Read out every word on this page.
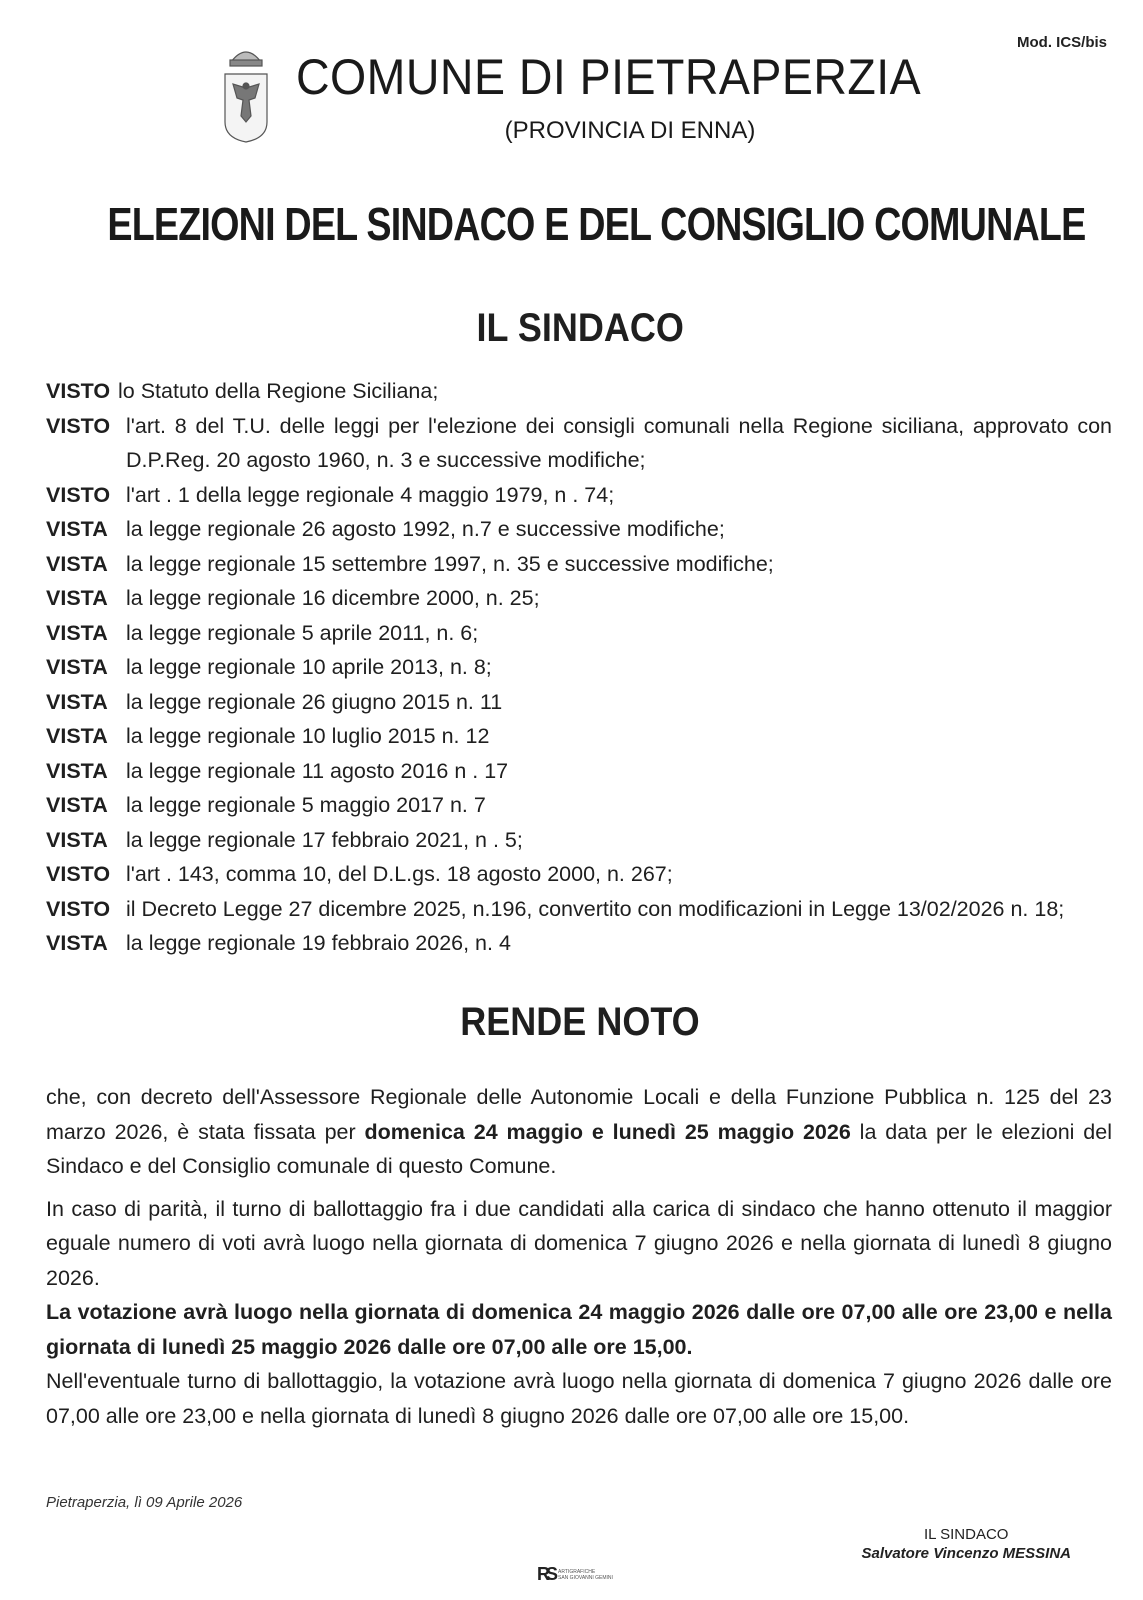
Mod. ICS/bis
COMUNE DI PIETRAPERZIA
(PROVINCIA DI ENNA)
ELEZIONI DEL SINDACO E DEL CONSIGLIO COMUNALE
IL SINDACO
VISTO lo Statuto della Regione Siciliana;
VISTO l'art. 8 del T.U. delle leggi per l'elezione dei consigli comunali nella Regione siciliana, approvato con D.P.Reg. 20 agosto 1960, n. 3 e successive modifiche;
VISTO l'art . 1 della legge regionale 4 maggio 1979, n . 74;
VISTA la legge regionale 26 agosto 1992, n.7 e successive modifiche;
VISTA la legge regionale 15 settembre 1997, n. 35 e successive modifiche;
VISTA la legge regionale 16 dicembre 2000, n. 25;
VISTA la legge regionale 5 aprile 2011, n. 6;
VISTA la legge regionale 10 aprile 2013, n. 8;
VISTA la legge regionale 26 giugno 2015 n. 11
VISTA la legge regionale 10 luglio 2015 n. 12
VISTA la legge regionale 11 agosto 2016 n . 17
VISTA la legge regionale 5 maggio 2017 n. 7
VISTA la legge regionale 17 febbraio 2021, n . 5;
VISTO l'art . 143, comma 10, del D.L.gs. 18 agosto 2000, n. 267;
VISTO il Decreto Legge 27 dicembre 2025, n.196, convertito con modificazioni in Legge 13/02/2026 n. 18;
VISTA la legge regionale 19 febbraio 2026, n. 4
RENDE NOTO

che, con decreto dell'Assessore Regionale delle Autonomie Locali e della Funzione Pubblica n. 125 del 23 marzo 2026, è stata fissata per domenica 24 maggio e lunedì 25 maggio 2026 la data per le elezioni del Sindaco e del Consiglio comunale di questo Comune.

In caso di parità, il turno di ballottaggio fra i due candidati alla carica di sindaco che hanno ottenuto il maggior eguale numero di voti avrà luogo nella giornata di domenica 7 giugno 2026 e nella giornata di lunedì 8 giugno 2026.

La votazione avrà luogo nella giornata di domenica 24 maggio 2026 dalle ore 07,00 alle ore 23,00 e nella giornata di lunedì 25 maggio 2026 dalle ore 07,00 alle ore 15,00.

Nell'eventuale turno di ballottaggio, la votazione avrà luogo nella giornata di domenica 7 giugno 2026 dalle ore 07,00 alle ore 23,00 e nella giornata di lunedì 8 giugno 2026 dalle ore 07,00 alle ore 15,00.

Pietraperzia, lì 09 Aprile 2026
IL SINDACO
Salvatore Vincenzo MESSINA
RS ARTIGRAFICHE
SAN GIOVANNI GEMINI
